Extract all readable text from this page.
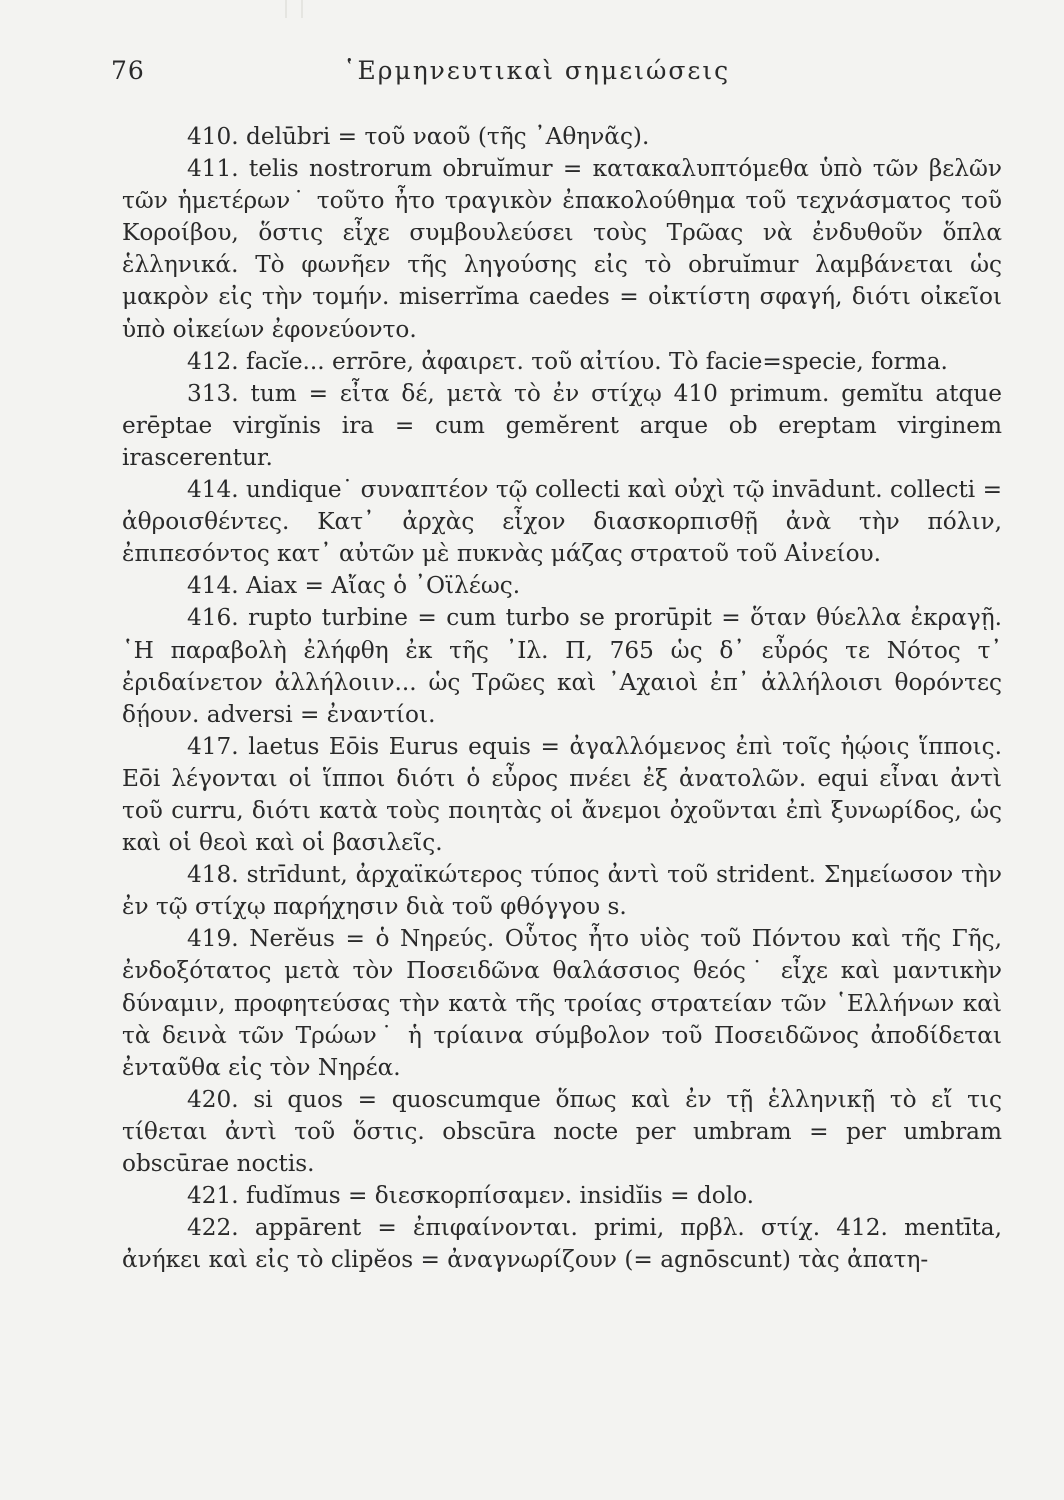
76	῾Ερμηνευτικαὶ σημειώσεις

410. delūbri = τοῦ ναοῦ (τῆς ᾿Αθηνᾶς).

411. telis nostrorum obruĭmur = κατακαλυπτόμεθα ὑπὸ τῶν βελῶν τῶν ἡμετέρων˙ τοῦτο ἦτο τραγικὸν ἐπακολούθημα τοῦ τεχνάσματος τοῦ Κοροίβου, ὅστις εἶχε συμβουλεύσει τοὺς Τρῶας νὰ ἐνδυθοῦν ὅπλα ἑλληνικά. Τὸ φωνῆεν τῆς ληγούσης εἰς τὸ obruĭmur λαμβάνεται ὡς μακρὸν εἰς τὴν τομήν. miserrĭma caedes = οἰκτίστη σφαγή, διότι οἰκεῖοι ὑπὸ οἰκείων ἐφονεύοντο.

412. facĭe... errōre, ἀφαιρετ. τοῦ αἰτίου. Τὸ facie=specie, forma.

313. tum = εἶτα δέ, μετὰ τὸ ἐν στίχῳ 410 primum. gemĭtu atque erēptae virgĭnis ira = cum gemĕrent arque ob ereptam virginem irascerentur.

414. undique˙ συναπτέον τῷ collecti καὶ οὐχὶ τῷ invādunt. collecti = ἀθροισθέντες. Κατ᾿ ἀρχὰς εἶχον διασκορπισθῇ ἀνὰ τὴν πόλιν, ἐπιπεσόντος κατ᾿ αὐτῶν μὲ πυκνὰς μάζας στρατοῦ τοῦ Αἰνείου.

414. Aiax = Αἴας ὁ ᾿Οϊλέως.

416. rupto turbine = cum turbo se prorūpit = ὅταν θύελλα ἐκραγῇ. ῾Η παραβολὴ ἐλήφθη ἐκ τῆς ᾿Ιλ. Π, 765 ὡς δ᾿ εὖρός τε Νότος τ᾿ ἐριδαίνετον ἀλλήλοιιν... ὡς Τρῶες καὶ ᾿Αχαιοὶ ἐπ᾿ ἀλλήλοισι θορόντες δῄουν. adversi = ἐναντίοι.

417. laetus Eōis Eurus equis = ἀγαλλόμενος ἐπὶ τοῖς ἠῴοις ἵπποις. Eōi λέγονται οἱ ἵπποι διότι ὁ εὖρος πνέει ἐξ ἀνατολῶν. equi εἶναι ἀντὶ τοῦ curru, διότι κατὰ τοὺς ποιητὰς οἱ ἄνεμοι ὀχοῦνται ἐπὶ ξυνωρίδος, ὡς καὶ οἱ θεοὶ καὶ οἱ βασιλεῖς.

418. strīdunt, ἀρχαϊκώτερος τύπος ἀντὶ τοῦ strident. Σημείωσον τὴν ἐν τῷ στίχῳ παρήχησιν διὰ τοῦ φθόγγου s.

419. Nerĕus = ὁ Νηρεύς. Οὗτος ἦτο υἱὸς τοῦ Πόντου καὶ τῆς Γῆς, ἐνδοξότατος μετὰ τὸν Ποσειδῶνα θαλάσσιος θεός˙ εἶχε καὶ μαντικὴν δύναμιν, προφητεύσας τὴν κατὰ τῆς τροίας στρατείαν τῶν ῾Ελλήνων καὶ τὰ δεινὰ τῶν Τρώων˙ ἡ τρίαινα σύμβολον τοῦ Ποσειδῶνος ἀποδίδεται ἐνταῦθα εἰς τὸν Νηρέα.

420. si quos = quoscumque ὅπως καὶ ἐν τῇ ἑλληνικῇ τὸ εἴ τις τίθεται ἀντὶ τοῦ ὅστις. obscūra nocte per umbram = per umbram obscūrae noctis.

421. fudĭmus = διεσκορπίσαμεν. insidĭis = dolo.

422. appārent = ἐπιφαίνονται. primi, πρβλ. στίχ. 412. mentīta, ἀνήκει καὶ εἰς τὸ clipĕos = ἀναγνωρίζουν (= agnōscunt) τὰς ἀπατη-
